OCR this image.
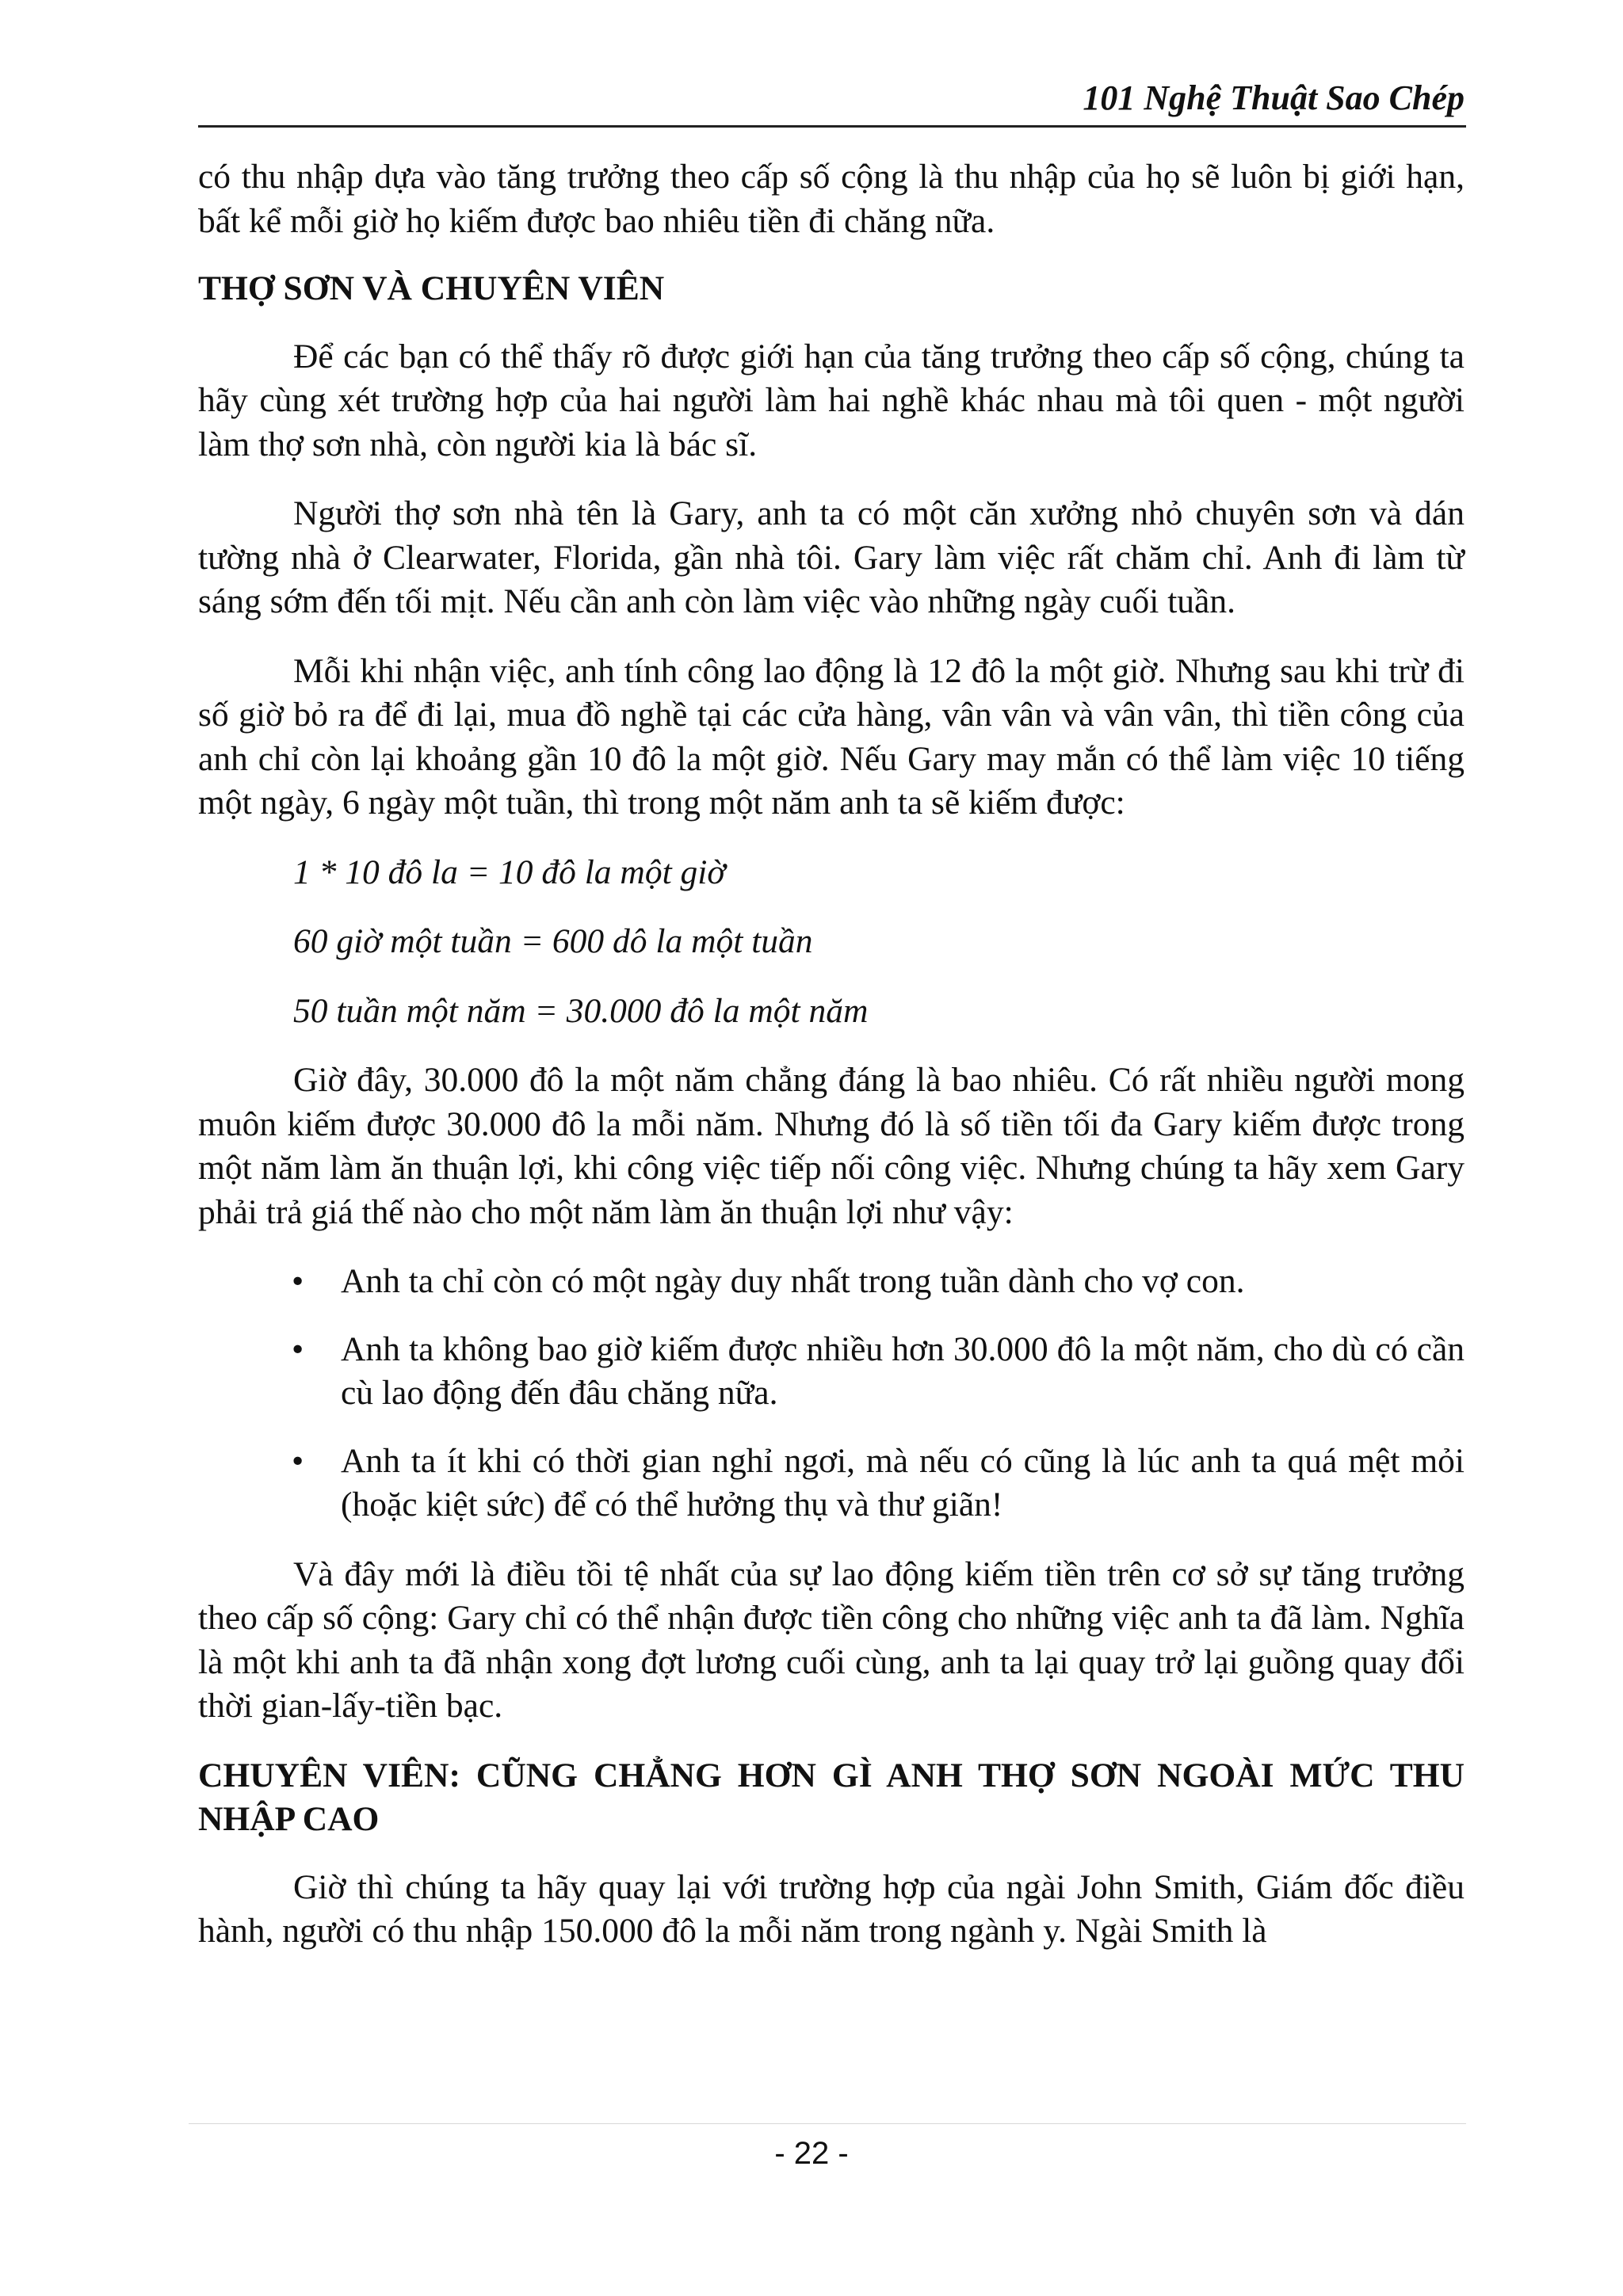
101 Nghệ Thuật Sao Chép

có thu nhập dựa vào tăng trưởng theo cấp số cộng là thu nhập của họ sẽ luôn bị giới hạn, bất kể mỗi giờ họ kiếm được bao nhiêu tiền đi chăng nữa.

THỢ SƠN VÀ CHUYÊN VIÊN

Để các bạn có thể thấy rõ được giới hạn của tăng trưởng theo cấp số cộng, chúng ta hãy cùng xét trường hợp của hai người làm hai nghề khác nhau mà tôi quen - một người làm thợ sơn nhà, còn người kia là bác sĩ.

Người thợ sơn nhà tên là Gary, anh ta có một căn xưởng nhỏ chuyên sơn và dán tường nhà ở Clearwater, Florida, gần nhà tôi. Gary làm việc rất chăm chỉ. Anh đi làm từ sáng sớm đến tối mịt. Nếu cần anh còn làm việc vào những ngày cuối tuần.

Mỗi khi nhận việc, anh tính công lao động là 12 đô la một giờ. Nhưng sau khi trừ đi số giờ bỏ ra để đi lại, mua đồ nghề tại các cửa hàng, vân vân và vân vân, thì tiền công của anh chỉ còn lại khoảng gần 10 đô la một giờ. Nếu Gary may mắn có thể làm việc 10 tiếng một ngày, 6 ngày một tuần, thì trong một năm anh ta sẽ kiếm được:

1 * 10 đô la = 10 đô la một giờ
60 giờ một tuần = 600 dô la một tuần
50 tuần một năm = 30.000 đô la một năm

Giờ đây, 30.000 đô la một năm chẳng đáng là bao nhiêu. Có rất nhiều người mong muôn kiếm được 30.000 đô la mỗi năm. Nhưng đó là số tiền tối đa Gary kiếm được trong một năm làm ăn thuận lợi, khi công việc tiếp nối công việc. Nhưng chúng ta hãy xem Gary phải trả giá thế nào cho một năm làm ăn thuận lợi như vậy:

• Anh ta chỉ còn có một ngày duy nhất trong tuần dành cho vợ con.
• Anh ta không bao giờ kiếm được nhiều hơn 30.000 đô la một năm, cho dù có cần cù lao động đến đâu chăng nữa.
• Anh ta ít khi có thời gian nghỉ ngơi, mà nếu có cũng là lúc anh ta quá mệt mỏi (hoặc kiệt sức) để có thể hưởng thụ và thư giãn!

Và đây mới là điều tồi tệ nhất của sự lao động kiếm tiền trên cơ sở sự tăng trưởng theo cấp số cộng: Gary chỉ có thể nhận được tiền công cho những việc anh ta đã làm. Nghĩa là một khi anh ta đã nhận xong đợt lương cuối cùng, anh ta lại quay trở lại guồng quay đổi thời gian-lấy-tiền bạc.

CHUYÊN VIÊN: CŨNG CHẲNG HƠN GÌ ANH THỢ SƠN NGOÀI MỨC THU NHẬP CAO

Giờ thì chúng ta hãy quay lại với trường hợp của ngài John Smith, Giám đốc điều hành, người có thu nhập 150.000 đô la mỗi năm trong ngành y. Ngài Smith là

- 22 -
